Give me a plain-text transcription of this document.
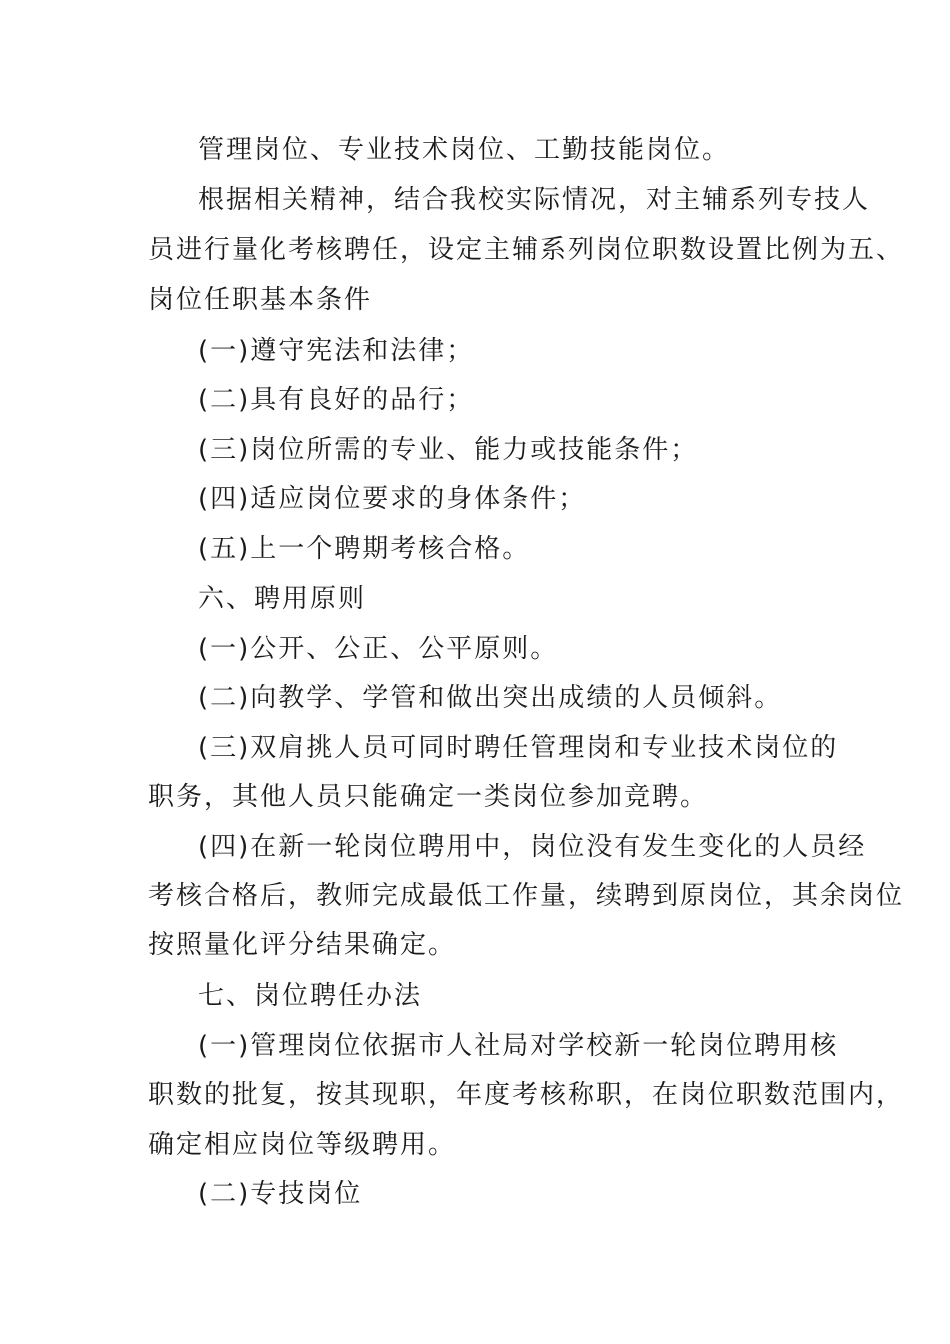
管理岗位、专业技术岗位、工勤技能岗位。
根据相关精神，结合我校实际情况，对主辅系列专技人
员进行量化考核聘任，设定主辅系列岗位职数设置比例为五、
岗位任职基本条件
(一)遵守宪法和法律；
(二)具有良好的品行；
(三)岗位所需的专业、能力或技能条件；
(四)适应岗位要求的身体条件；
(五)上一个聘期考核合格。
六、聘用原则
(一)公开、公正、公平原则。
(二)向教学、学管和做出突出成绩的人员倾斜。
(三)双肩挑人员可同时聘任管理岗和专业技术岗位的
职务，其他人员只能确定一类岗位参加竞聘。
(四)在新一轮岗位聘用中，岗位没有发生变化的人员经
考核合格后，教师完成最低工作量，续聘到原岗位，其余岗位
按照量化评分结果确定。
七、岗位聘任办法
(一)管理岗位依据市人社局对学校新一轮岗位聘用核
职数的批复，按其现职，年度考核称职，在岗位职数范围内，
确定相应岗位等级聘用。
(二)专技岗位
